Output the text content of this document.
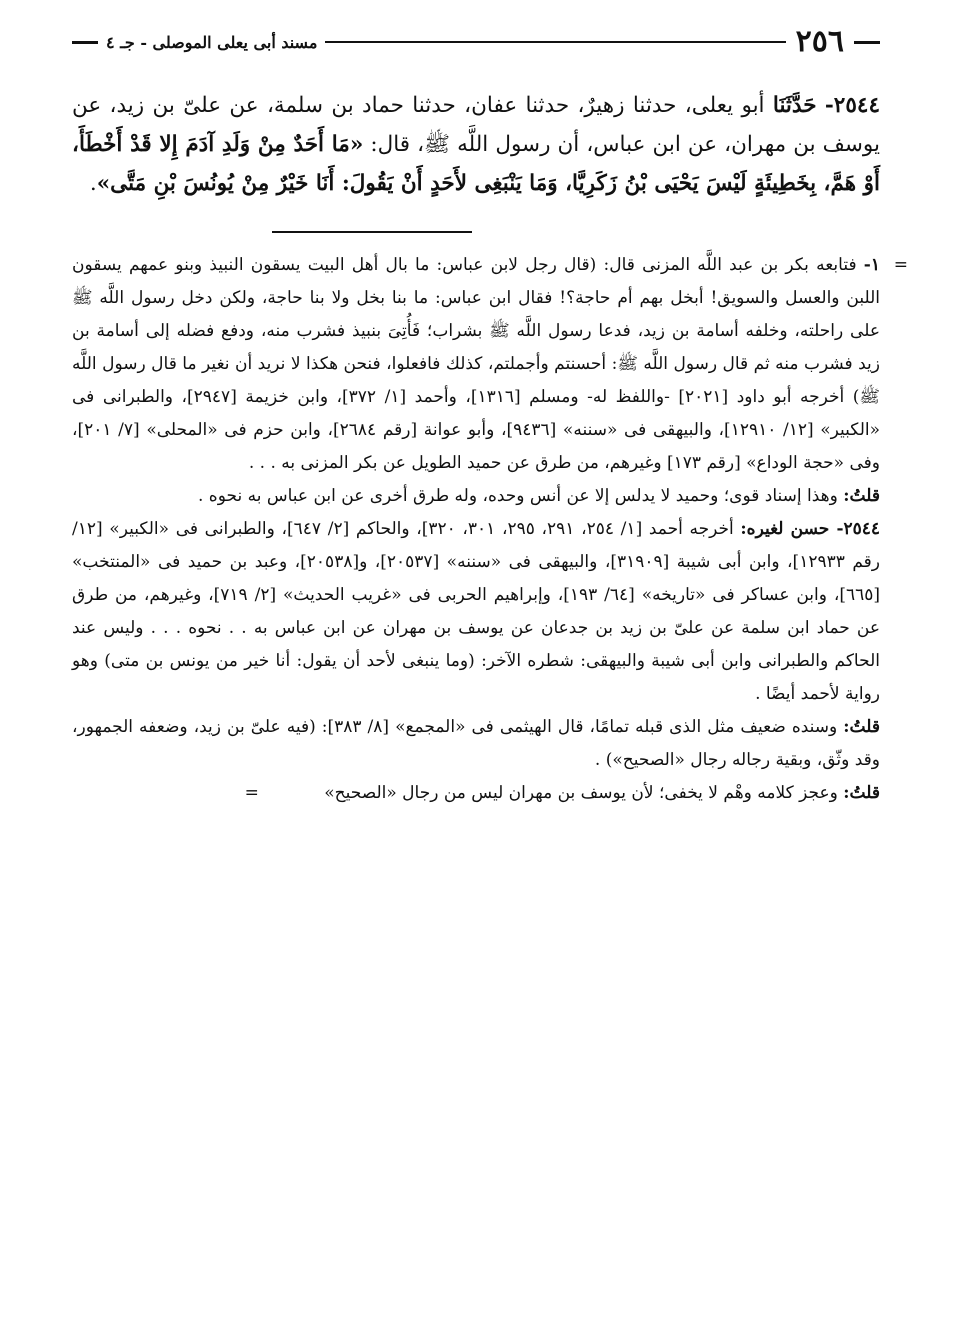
٢٥٦
مسند أبى يعلى الموصلى - جـ ٤
٢٥٤٤- حَدَّثَنَا أبو يعلى، حدثنا زهيرٌ، حدثنا عفان، حدثنا حماد بن سلمة، عن علىّ بن زيد، عن يوسف بن مهران، عن ابن عباس، أن رسول اللَّه ﷺ، قال: «مَا أَحَدٌ مِنْ وَلَدِ آدَمَ إِلا قَدْ أَخْطَأَ، أَوْ هَمَّ، بِخَطِيئَةٍ لَيْسَ يَحْيَى بْنُ زَكَرِيَّا، وَمَا يَنْبَغِى لأَحَدٍ أَنْ يَقُولَ: أَنَا خَيْرٌ مِنْ يُونُسَ بْنِ مَتَّى».
=

١- فتابعه بكر بن عبد اللَّه المزنى قال: (قال رجل لابن عباس: ما بال أهل البيت يسقون النبيذ وبنو عمهم يسقون اللبن والعسل والسويق! أبخل بهم أم حاجة؟! فقال ابن عباس: ما بنا بخل ولا بنا حاجة، ولكن دخل رسول اللَّه ﷺ على راحلته، وخلفه أسامة بن زيد، فدعا رسول اللَّه ﷺ بشراب؛ فَأُتِىَ بنبيذ فشرب منه، ودفع فضله إلى أسامة بن زيد فشرب منه ثم قال رسول اللَّه ﷺ: أحسنتم وأجملتم، كذلك فافعلوا، فنحن هكذا لا نريد أن نغير ما قال رسول اللَّه ﷺ) أخرجه أبو داود [٢٠٢١] -واللفظ له- ومسلم [١٣١٦]، وأحمد [١/ ٣٧٢]، وابن خزيمة [٢٩٤٧]، والطبرانى فى «الكبير» [١٢/ ١٢٩١٠]، والبيهقى فى «سننه» [٩٤٣٦]، وأبو عوانة [رقم ٢٦٨٤]، وابن حزم فى «المحلى» [٧/ ٢٠١]، وفى «حجة الوداع» [رقم ١٧٣] وغيرهم، من طرق عن حميد الطويل عن بكر المزنى به . . .

قلتُ: وهذا إسناد قوى؛ وحميد لا يدلس إلا عن أنس وحده، وله طرق أخرى عن ابن عباس به نحوه .

٢٥٤٤- حسن لغيره: أخرجه أحمد [١/ ٢٥٤، ٢٩١، ٢٩٥، ٣٠١، ٣٢٠]، والحاكم [٢/ ٦٤٧]، والطبرانى فى «الكبير» [١٢/ رقم ١٢٩٣٣]، وابن أبى شيبة [٣١٩٠٩]، والبيهقى فى «سننه» [٢٠٥٣٧]، و[٢٠٥٣٨]، وعبد بن حميد فى «المنتخب» [٦٦٥]، وابن عساكر فى «تاريخه» [٦٤/ ١٩٣]، وإبراهيم الحربى فى «غريب الحديث» [٢/ ٧١٩]، وغيرهم، من طرق عن حماد ابن سلمة عن علىّ بن زيد بن جدعان عن يوسف بن مهران عن ابن عباس به . . نحوه . . . وليس عند الحاكم والطبرانى وابن أبى شيبة والبيهقى: شطره الآخر: (وما ينبغى لأحد أن يقول: أنا خير من يونس بن متى) وهو رواية لأحمد أيضًا .

قلتُ: وسنده ضعيف مثل الذى قبله تمامًا، قال الهيثمى فى «المجمع» [٨/ ٣٨٣]: (فيه علىّ بن زيد، وضعفه الجمهور، وقد وثّق، وبقية رجاله رجال «الصحيح») .

قلتُ: وعجز كلامه وهْم لا يخفى؛ لأن يوسف بن مهران ليس من رجال «الصحيح» =
